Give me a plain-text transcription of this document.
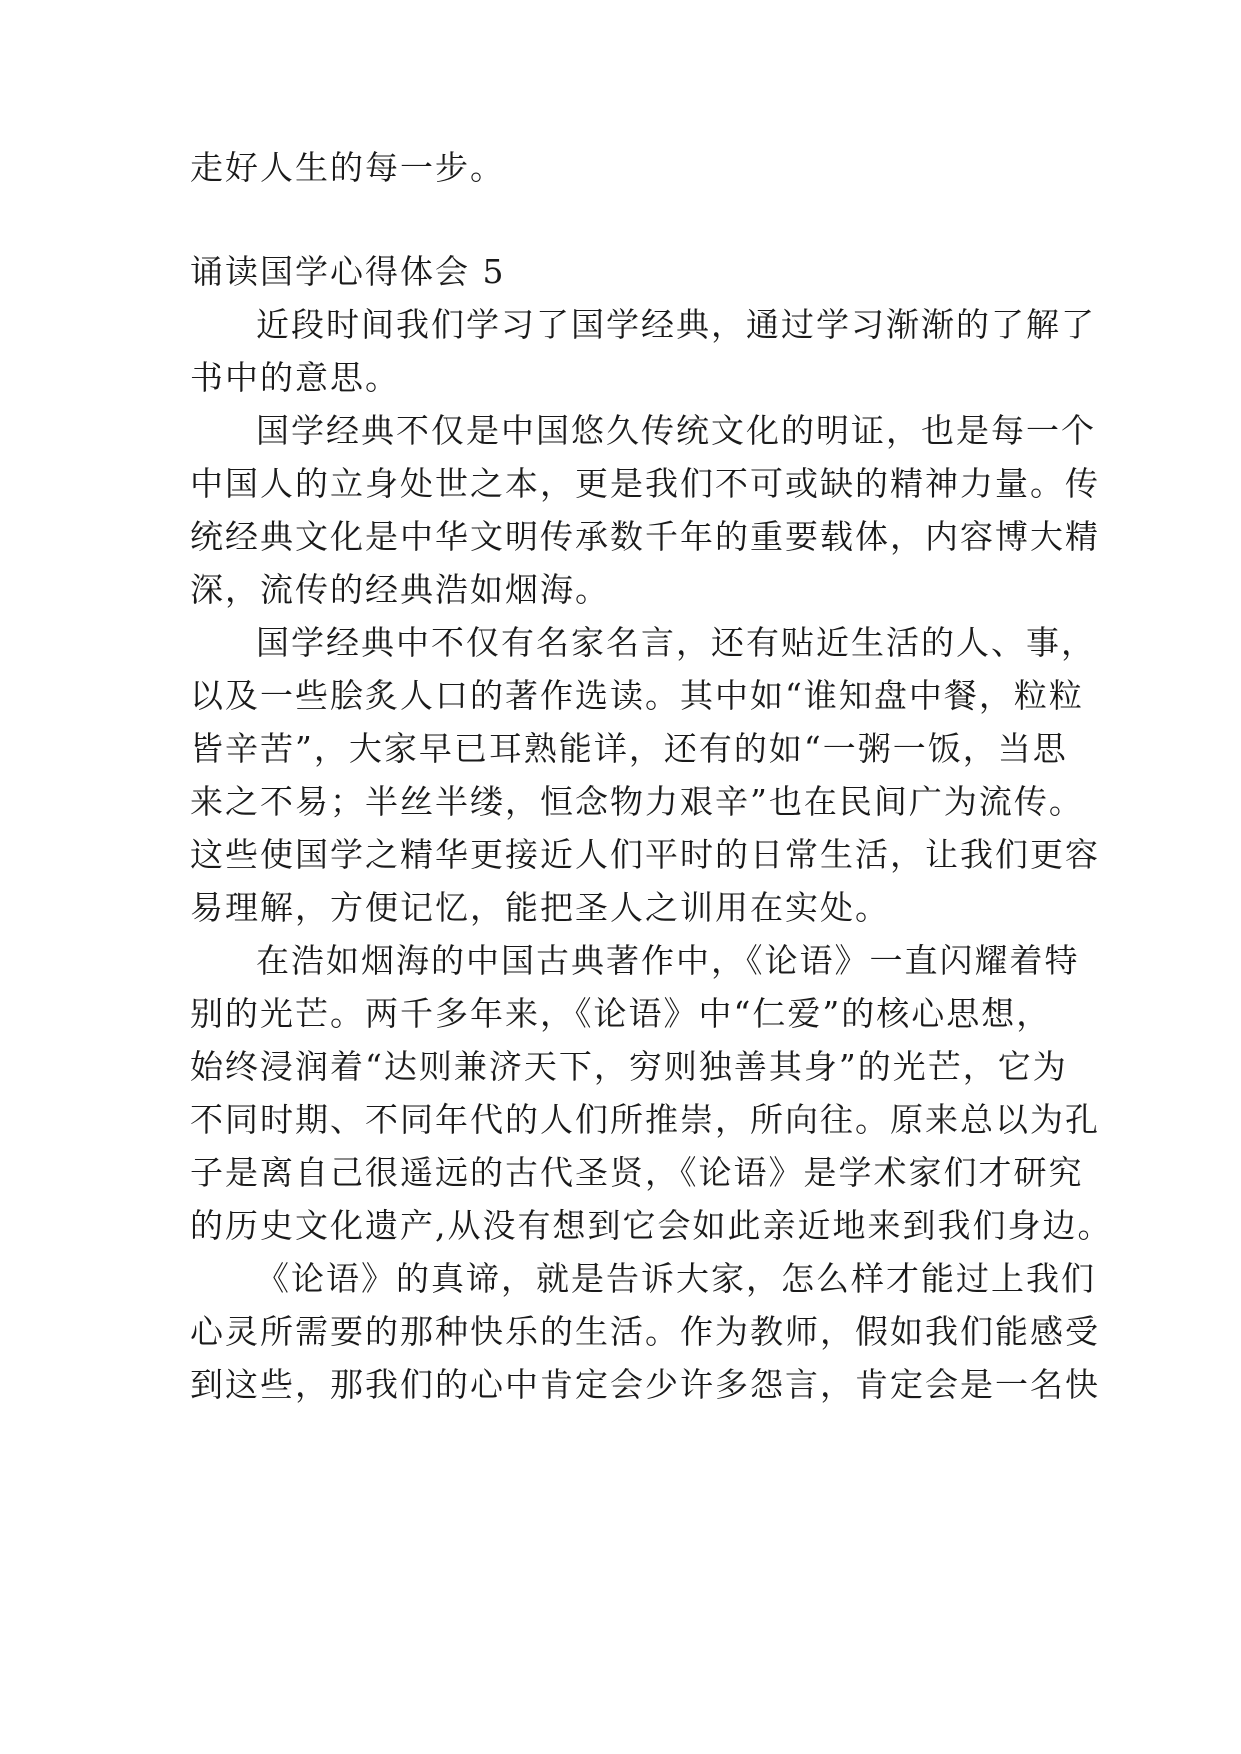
走好人生的每一步。
诵读国学心得体会 5
近段时间我们学习了国学经典，通过学习渐渐的了解了
书中的意思。
国学经典不仅是中国悠久传统文化的明证，也是每一个
中国人的立身处世之本，更是我们不可或缺的精神力量。传
统经典文化是中华文明传承数千年的重要载体，内容博大精
深，流传的经典浩如烟海。
国学经典中不仅有名家名言，还有贴近生活的人、事，
以及一些脍炙人口的著作选读。其中如“谁知盘中餐，粒粒
皆辛苦”，大家早已耳熟能详，还有的如“一粥一饭，当思
来之不易；半丝半缕，恒念物力艰辛”也在民间广为流传。
这些使国学之精华更接近人们平时的日常生活，让我们更容
易理解，方便记忆，能把圣人之训用在实处。
在浩如烟海的中国古典著作中，《论语》一直闪耀着特
别的光芒。两千多年来，《论语》中“仁爱”的核心思想，
始终浸润着“达则兼济天下，穷则独善其身”的光芒，它为
不同时期、不同年代的人们所推崇，所向往。原来总以为孔
子是离自己很遥远的古代圣贤，《论语》是学术家们才研究
的历史文化遗产,从没有想到它会如此亲近地来到我们身边。
《论语》的真谛，就是告诉大家，怎么样才能过上我们
心灵所需要的那种快乐的生活。作为教师，假如我们能感受
到这些，那我们的心中肯定会少许多怨言，肯定会是一名快
